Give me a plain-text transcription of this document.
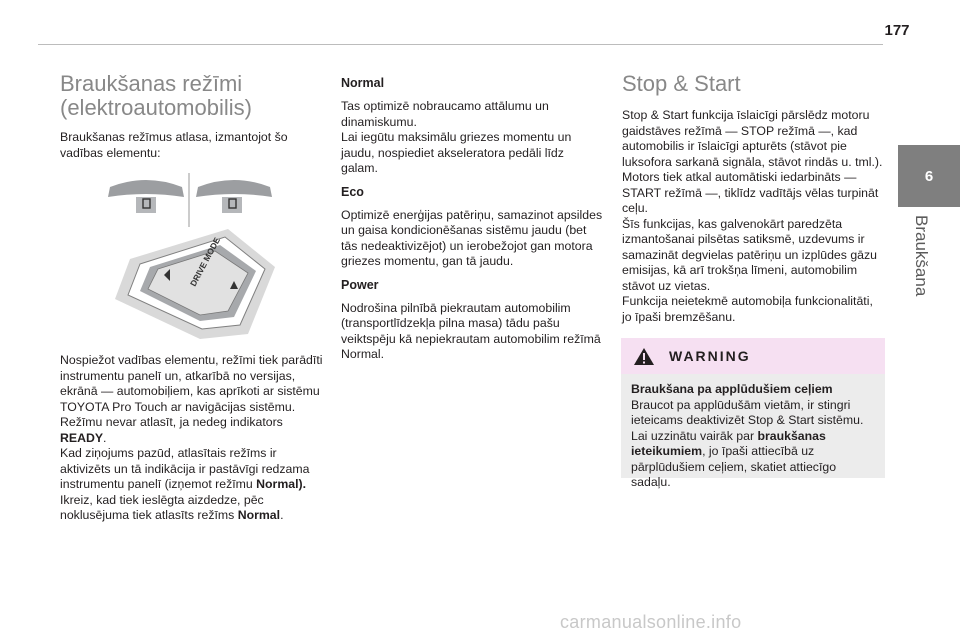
177
6
Braukšana
Braukšanas režīmi
(elektroautomobilis)

Braukšanas režīmus atlasa, izmantojot šo vadības elementu:

DRIVE MODE

Nospiežot vadības elementu, režīmi tiek parādīti instrumentu panelī un, atkarībā no versijas, ekrānā — automobiļiem, kas aprīkoti ar sistēmu TOYOTA Pro Touch ar navigācijas sistēmu.

Režīmu nevar atlasīt, ja nedeg indikators READY.

Kad ziņojums pazūd, atlasītais režīms ir aktivizēts un tā indikācija ir pastāvīgi redzama instrumentu panelī (izņemot režīmu Normal).

Ikreiz, kad tiek ieslēgta aizdedze, pēc noklusējuma tiek atlasīts režīms Normal.

Normal

Tas optimizē nobraucamo attālumu un dinamiskumu.

Lai iegūtu maksimālu griezes momentu un jaudu, nospiediet akseleratora pedāli līdz galam.

Eco

Optimizē enerģijas patēriņu, samazinot apsildes un gaisa kondicionēšanas sistēmu jaudu (bet tās nedeaktivizējot) un ierobežojot gan motora griezes momentu, gan tā jaudu.

Power

Nodrošina pilnībā piekrautam automobilim (transportlīdzekļa pilna masa) tādu pašu veiktspēju kā nepiekrautam automobilim režīmā Normal.

Stop & Start

Stop & Start funkcija īslaicīgi pārslēdz motoru gaidstāves režīmā — STOP režīmā —, kad automobilis ir īslaicīgi apturēts (stāvot pie luksofora sarkanā signāla, stāvot rindās u. tml.). Motors tiek atkal automātiski iedarbināts — START režīmā —, tiklīdz vadītājs vēlas turpināt ceļu.

Šīs funkcijas, kas galvenokārt paredzēta izmantošanai pilsētas satiksmē, uzdevums ir samazināt degvielas patēriņu un izplūdes gāzu emisijas, kā arī trokšņa līmeni, automobilim stāvot uz vietas.

Funkcija neietekmē automobiļa funkcionalitāti, jo īpaši bremzēšanu.

WARNING

Braukšana pa applūdušiem ceļiem

Braucot pa applūdušām vietām, ir stingri ieteicams deaktivizēt Stop & Start sistēmu. Lai uzzinātu vairāk par braukšanas ieteikumiem, jo īpaši attiecībā uz pārplūdušiem ceļiem, skatiet attiecīgo sadaļu.

carmanualsonline.info
